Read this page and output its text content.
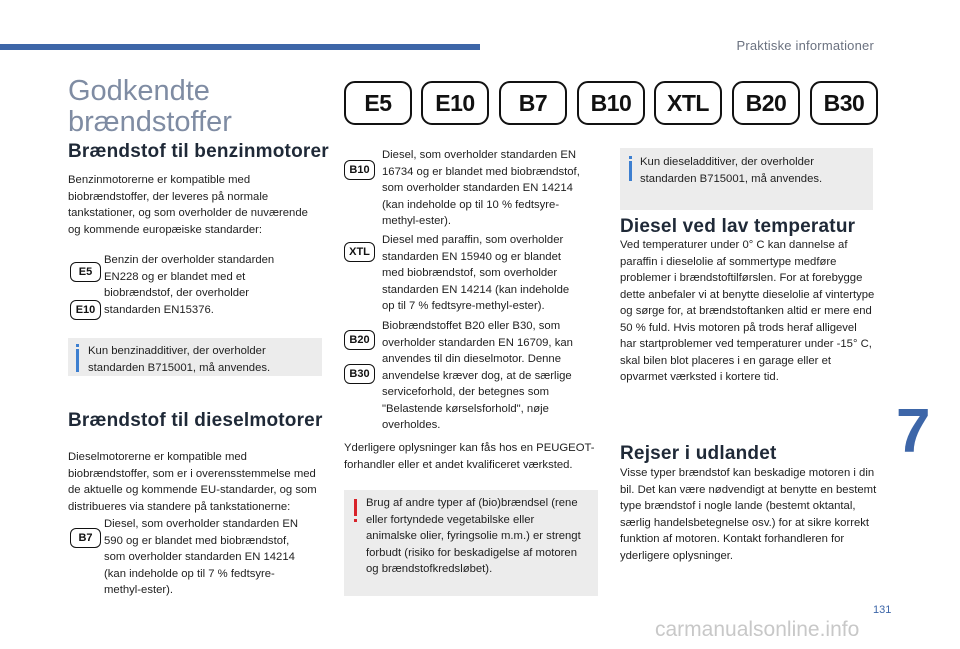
Praktiske informationer
Godkendte
brændstoffer
E5	E10	B7	B10	XTL	B20	B30
Brændstof til benzinmotorer
Benzinmotorerne er kompatible med biobrændstoffer, der leveres på normale tankstationer, og som overholder de nuværende og kommende europæiske standarder:
E5
E10
Benzin der overholder standarden EN228 og er blandet med et biobrændstof, der overholder standarden EN15376.
Kun benzinadditiver, der overholder standarden B715001, må anvendes.
Brændstof til dieselmotorer
Dieselmotorerne er kompatible med biobrændstoffer, som er i overensstemmelse med de aktuelle og kommende EU-standarder, og som distribueres via standere på tankstationerne:
B7
Diesel, som overholder standarden EN 590 og er blandet med biobrændstof, som overholder standarden EN 14214 (kan indeholde op til 7 % fedtsyre-methyl-ester).
B10
Diesel, som overholder standarden EN 16734 og er blandet med biobrændstof, som overholder standarden EN 14214 (kan indeholde op til 10 % fedtsyre-methyl-ester).
XTL
Diesel med paraffin, som overholder standarden EN 15940 og er blandet med biobrændstof, som overholder standarden EN 14214 (kan indeholde op til 7 % fedtsyre-methyl-ester).
B20
B30
Biobrændstoffet B20 eller B30, som overholder standarden EN 16709, kan anvendes til din dieselmotor. Denne anvendelse kræver dog, at de særlige serviceforhold, der betegnes som "Belastende kørselsforhold", nøje overholdes.
Yderligere oplysninger kan fås hos en PEUGEOT-forhandler eller et andet kvalificeret værksted.
Brug af andre typer af (bio)brændsel (rene eller fortyndede vegetabilske eller animalske olier, fyringsolie m.m.) er strengt forbudt (risiko for beskadigelse af motoren og brændstofkredsløbet).
Kun dieseladditiver, der overholder standarden B715001, må anvendes.
Diesel ved lav temperatur
Ved temperaturer under 0° C kan dannelse af paraffin i dieselolie af sommertype medføre problemer i brændstoftilførslen. For at forebygge dette anbefaler vi at benytte dieselolie af vintertype og sørge for, at brændstoftanken altid er mere end 50 % fuld. Hvis motoren på trods heraf alligevel har startproblemer ved temperaturer under -15° C, skal bilen blot placeres i en garage eller et opvarmet værksted i kortere tid.
Rejser i udlandet
Visse typer brændstof kan beskadige motoren i din bil. Det kan være nødvendigt at benytte en bestemt type brændstof i nogle lande (bestemt oktantal, særlig handelsbetegnelse osv.) for at sikre korrekt funktion af motoren. Kontakt forhandleren for yderligere oplysninger.
7
131
carmanualsonline.info
